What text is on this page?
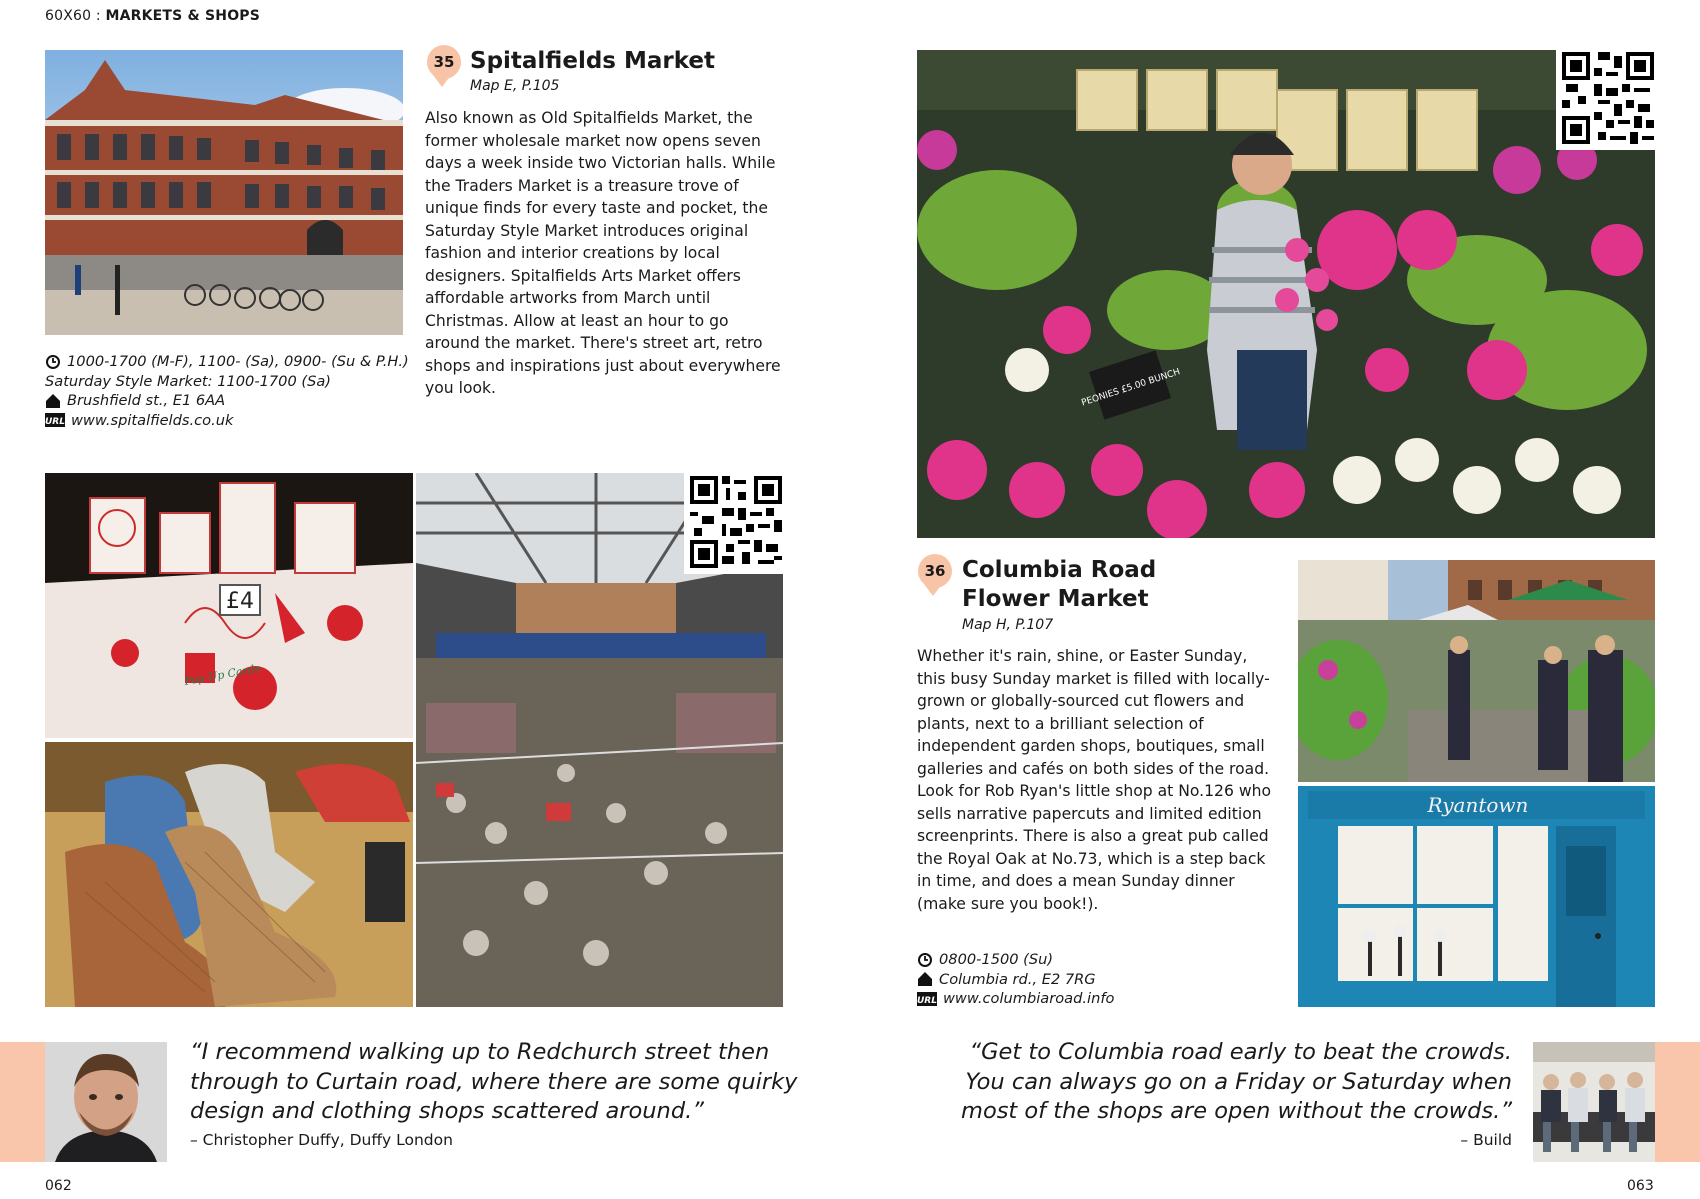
60X60 : MARKETS & SHOPS
35 Spitalfields Market
Map E, P.105
Also known as Old Spitalfields Market, the former wholesale market now opens seven days a week inside two Victorian halls. While the Traders Market is a treasure trove of unique finds for every taste and pocket, the Saturday Style Market introduces original fashion and interior creations by local designers. Spitalfields Arts Market offers affordable artworks from March until Christmas. Allow at least an hour to go around the market. There's street art, retro shops and inspirations just about everywhere you look.
1000-1700 (M-F), 1100- (Sa), 0900- (Su & P.H.)
Saturday Style Market: 1100-1700 (Sa)
Brushfield st., E1 6AA
URL www.spitalfields.co.uk
£4
Pop Up Cards
PEONIES £5.00 BUNCH
36 Columbia Road
Flower Market
Map H, P.107
Whether it's rain, shine, or Easter Sunday, this busy Sunday market is filled with locally-grown or globally-sourced cut flowers and plants, next to a brilliant selection of independent garden shops, boutiques, small galleries and cafés on both sides of the road. Look for Rob Ryan's little shop at No.126 who sells narrative papercuts and limited edition screenprints. There is also a great pub called the Royal Oak at No.73, which is a step back in time, and does a mean Sunday dinner (make sure you book!).
0800-1500 (Su)
Columbia rd., E2 7RG
URL www.columbiaroad.info
Ryantown
“I recommend walking up to Redchurch street then through to Curtain road, where there are some quirky design and clothing shops scattered around.”
– Christopher Duffy, Duffy London
“Get to Columbia road early to beat the crowds. You can always go on a Friday or Saturday when most of the shops are open without the crowds.”
– Build
062	063
